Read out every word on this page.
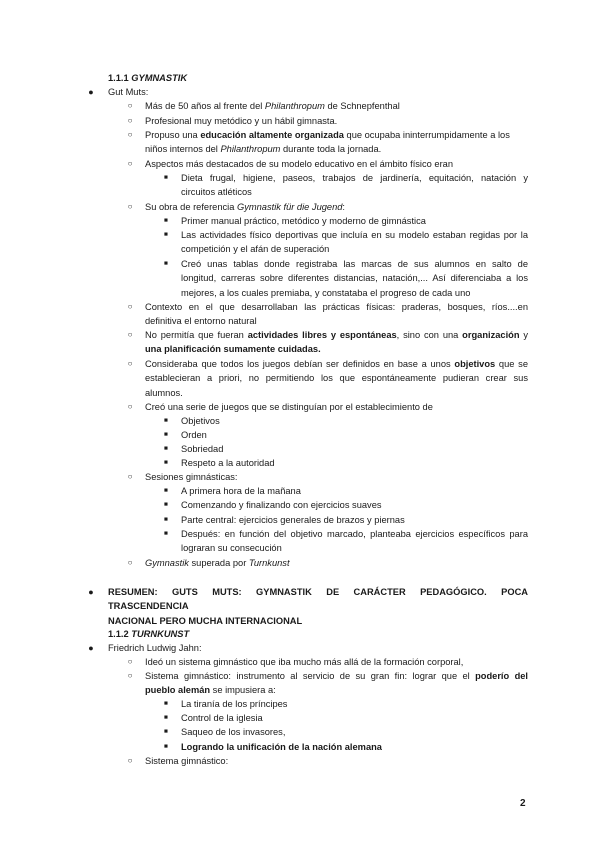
1.1.1 GYMNASTIK
● Gut Muts:
○ Más de 50 años al frente del Philanthropum de Schnepfenthal
○ Profesional muy metódico y un hábil gimnasta.
○ Propuso una educación altamente organizada que ocupaba ininterrumpidamente a los
niños internos del Philanthropum durante toda la jornada.
○ Aspectos más destacados de su modelo educativo en el ámbito físico eran
■	Dieta frugal, higiene, paseos, trabajos de jardinería, equitación, natación y
circuitos atléticos
○ Su obra de referencia Gymnastik für die Jugend:
■	Primer manual práctico, metódico y moderno de gimnástica
■	Las actividades físico deportivas que incluía en su modelo estaban regidas por la
competición y el afán de superación
■	Creó unas tablas donde registraba las marcas de sus alumnos en salto de
longitud, carreras sobre diferentes distancias, natación,... Así diferenciaba a los
mejores, a los cuales premiaba, y constataba el progreso de cada uno
○ Contexto en el que desarrollaban las prácticas físicas: praderas, bosques, ríos....en
definitiva el entorno natural
○ No permitía que fueran actividades libres y espontáneas, sino con una organización y
una planificación sumamente cuidadas.
○ Consideraba que todos los juegos debían ser definidos en base a unos objetivos que se
establecieran a priori, no permitiendo los que espontáneamente pudieran crear sus
alumnos.
○ Creó una serie de juegos que se distinguían por el establecimiento de
■	Objetivos
■	Orden
■	Sobriedad
■	Respeto a la autoridad
○ Sesiones gimnásticas:
■	A primera hora de la mañana
■	Comenzando y finalizando con ejercicios suaves
■	Parte central: ejercicios generales de brazos y piernas
■	Después: en función del objetivo marcado, planteaba ejercicios específicos para
lograran su consecución
○ Gymnastik superada por Turnkunst
● RESUMEN: GUTS MUTS: GYMNASTIK DE CARÁCTER PEDAGÓGICO. POCA TRASCENDENCIA
NACIONAL PERO MUCHA INTERNACIONAL
1.1.2 TURNKUNST
● Friedrich Ludwig Jahn:
○ Ideó un sistema gimnástico que iba mucho más allá de la formación corporal,
○ Sistema gimnástico: instrumento al servicio de su gran fin: lograr que el poderío del
pueblo alemán se impusiera a:
■	La tiranía de los príncipes
■	Control de la iglesia
■	Saqueo de los invasores,
■	Logrando la unificación de la nación alemana
○ Sistema gimnástico:
2
